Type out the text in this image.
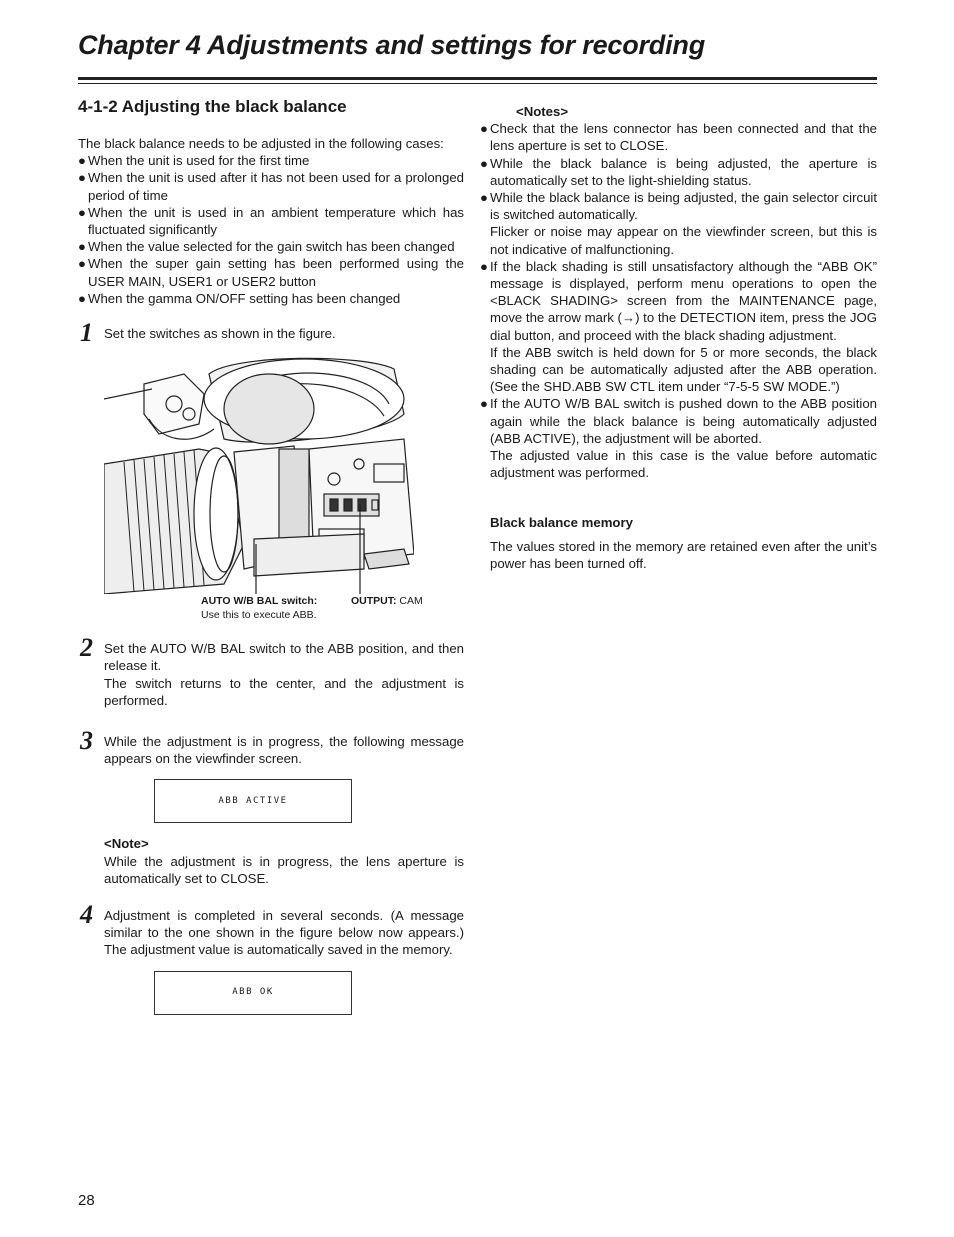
Chapter 4 Adjustments and settings for recording
4-1-2 Adjusting the black balance

The black balance needs to be adjusted in the following cases:

● When the unit is used for the first time
● When the unit is used after it has not been used for a prolonged period of time
● When the unit is used in an ambient temperature which has fluctuated significantly
● When the value selected for the gain switch has been changed
● When the super gain setting has been performed using the USER MAIN, USER1 or USER2 button
● When the gamma ON/OFF setting has been changed
1 Set the switches as shown in the figure.

AUTO W/B BAL switch:
Use this to execute ABB.
OUTPUT: CAM
2 Set the AUTO W/B BAL switch to the ABB position, and then release it.

The switch returns to the center, and the adjustment is performed.

3 While the adjustment is in progress, the following message appears on the viewfinder screen.

ABB ACTIVE
<Note>

While the adjustment is in progress, the lens aperture is automatically set to CLOSE.

4 Adjustment is completed in several seconds. (A message similar to the one shown in the figure below now appears.) The adjustment value is automatically saved in the memory.

ABB OK
<Notes>
● Check that the lens connector has been connected and that the lens aperture is set to CLOSE.
● While the black balance is being adjusted, the aperture is automatically set to the light-shielding status.
● While the black balance is being adjusted, the gain selector circuit is switched automatically.
Flicker or noise may appear on the viewfinder screen, but this is not indicative of malfunctioning.
● If the black shading is still unsatisfactory although the “ABB OK” message is displayed, perform menu operations to open the <BLACK SHADING> screen from the MAINTENANCE page, move the arrow mark (→) to the DETECTION item, press the JOG dial button, and proceed with the black shading adjustment.
If the ABB switch is held down for 5 or more seconds, the black shading can be automatically adjusted after the ABB operation. (See the SHD.ABB SW CTL item under “7-5-5 SW MODE.”)
● If the AUTO W/B BAL switch is pushed down to the ABB position again while the black balance is being automatically adjusted (ABB ACTIVE), the adjustment will be aborted.
The adjusted value in this case is the value before automatic adjustment was performed.
Black balance memory

The values stored in the memory are retained even after the unit’s power has been turned off.

28
